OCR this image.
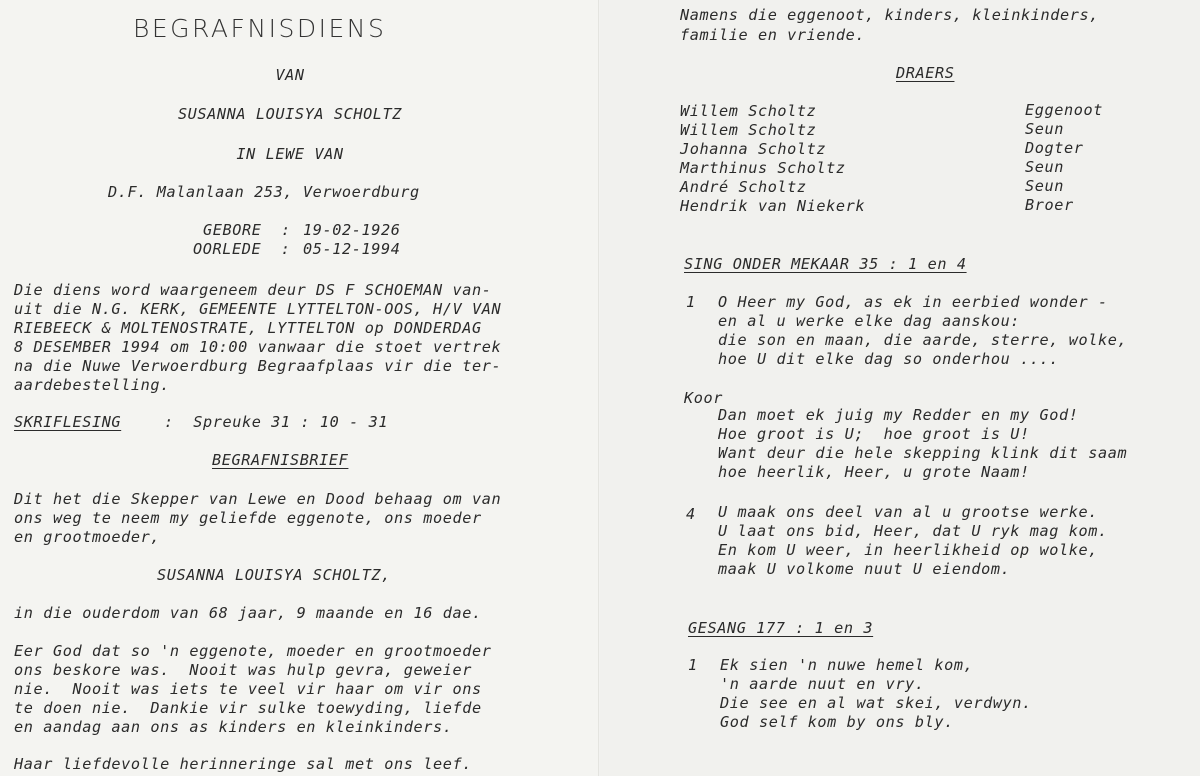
BEGRAFNISDIENS
VAN
SUSANNA LOUISYA SCHOLTZ
IN LEWE VAN
D.F. Malanlaan 253, Verwoerdburg
GEBORE  : 19-02-1926
OORLEDE  : 05-12-1994
Die diens word waargeneem deur DS F SCHOEMAN van-
uit die N.G. KERK, GEMEENTE LYTTELTON-OOS, H/V VAN
RIEBEECK & MOLTENOSTRATE, LYTTELTON op DONDERDAG
8 DESEMBER 1994 om 10:00 vanwaar die stoet vertrek
na die Nuwe Verwoerdburg Begraafplaas vir die ter-
aardebestelling.
SKRIFLESING	:  Spreuke 31 : 10 - 31
BEGRAFNISBRIEF
Dit het die Skepper van Lewe en Dood behaag om van
ons weg te neem my geliefde eggenote, ons moeder
en grootmoeder,
SUSANNA LOUISYA SCHOLTZ,
in die ouderdom van 68 jaar, 9 maande en 16 dae.
Eer God dat so 'n eggenote, moeder en grootmoeder
ons beskore was.  Nooit was hulp gevra, geweier
nie.  Nooit was iets te veel vir haar om vir ons
te doen nie.  Dankie vir sulke toewyding, liefde
en aandag aan ons as kinders en kleinkinders.
Haar liefdevolle herinneringe sal met ons leef.
Namens die eggenoot, kinders, kleinkinders,
familie en vriende.
DRAERS
Willem Scholtz	Eggenoot
Willem Scholtz	Seun
Johanna Scholtz	Dogter
Marthinus Scholtz	Seun
André Scholtz	Seun
Hendrik van Niekerk	Broer
SING ONDER MEKAAR 35 : 1 en 4
1 O Heer my God, as ek in eerbied wonder -
en al u werke elke dag aanskou:
die son en maan, die aarde, sterre, wolke,
hoe U dit elke dag so onderhou ....
Koor
Dan moet ek juig my Redder en my God!
Hoe groot is U;  hoe groot is U!
Want deur die hele skepping klink dit saam
hoe heerlik, Heer, u grote Naam!
4 U maak ons deel van al u grootse werke.
U laat ons bid, Heer, dat U ryk mag kom.
En kom U weer, in heerlikheid op wolke,
maak U volkome nuut U eiendom.
GESANG 177 : 1 en 3
1 Ek sien 'n nuwe hemel kom,
'n aarde nuut en vry.
Die see en al wat skei, verdwyn.
God self kom by ons bly.
